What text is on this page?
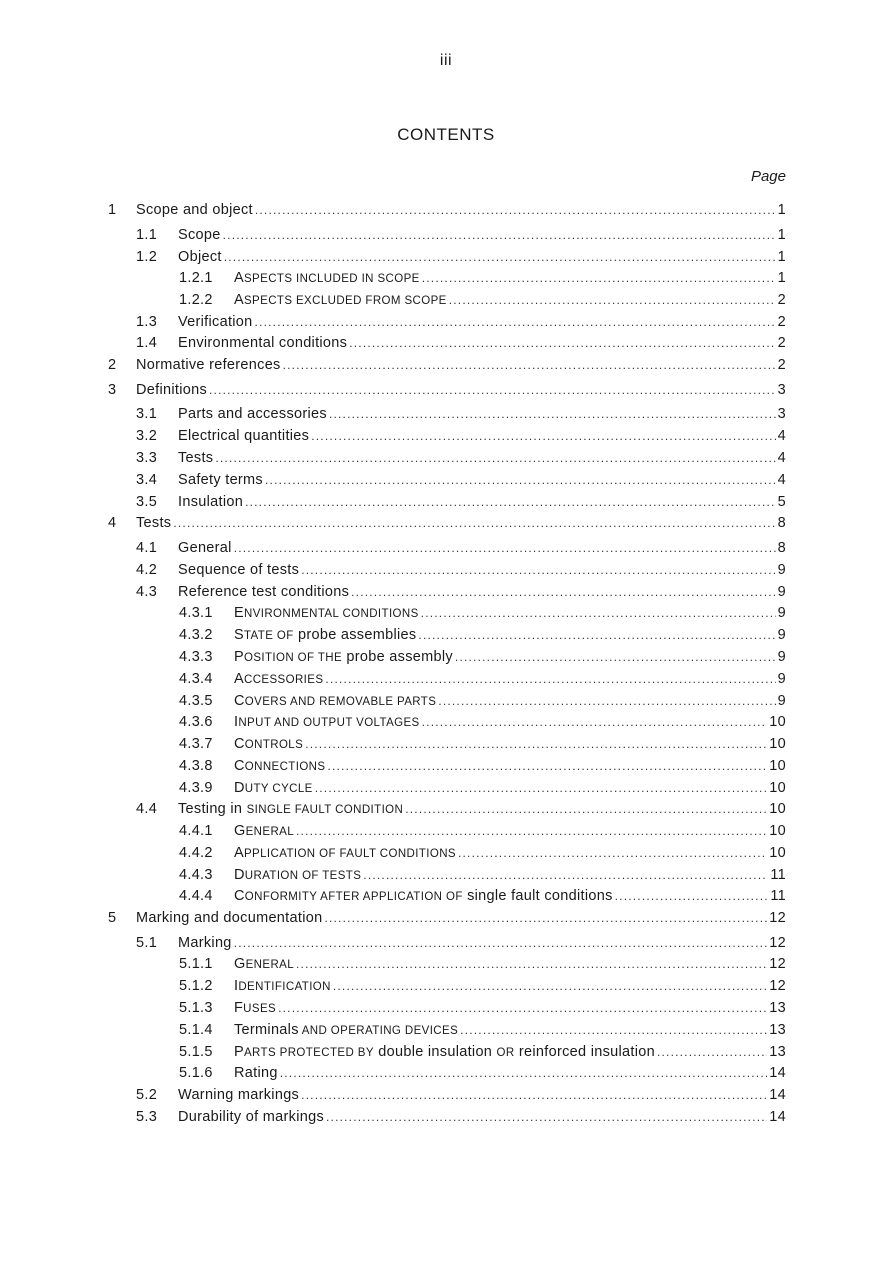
iii
CONTENTS
Page
1	Scope and object .....	1
1.1	Scope .....	1
1.2	Object .....	1
1.2.1	ASPECTS INCLUDED IN SCOPE .....	1
1.2.2	ASPECTS EXCLUDED FROM SCOPE .....	2
1.3	Verification .....	2
1.4	Environmental conditions .....	2
2	Normative references .....	2
3	Definitions .....	3
3.1	Parts and accessories .....	3
3.2	Electrical quantities .....	4
3.3	Tests .....	4
3.4	Safety terms .....	4
3.5	Insulation .....	5
4	Tests .....	8
4.1	General .....	8
4.2	Sequence of tests .....	9
4.3	Reference test conditions .....	9
4.3.1	ENVIRONMENTAL CONDITIONS .....	9
4.3.2	STATE OF probe assemblies .....	9
4.3.3	POSITION OF THE probe assembly .....	9
4.3.4	ACCESSORIES .....	9
4.3.5	COVERS AND REMOVABLE PARTS .....	9
4.3.6	INPUT AND OUTPUT VOLTAGES .....	10
4.3.7	CONTROLS .....	10
4.3.8	CONNECTIONS .....	10
4.3.9	DUTY CYCLE .....	10
4.4	Testing in SINGLE FAULT CONDITION .....	10
4.4.1	GENERAL .....	10
4.4.2	APPLICATION OF FAULT CONDITIONS .....	10
4.4.3	DURATION OF TESTS .....	11
4.4.4	CONFORMITY AFTER APPLICATION OF single fault conditions .....	11
5	Marking and documentation .....	12
5.1	Marking .....	12
5.1.1	GENERAL .....	12
5.1.2	IDENTIFICATION .....	12
5.1.3	FUSES .....	13
5.1.4	Terminals AND OPERATING DEVICES .....	13
5.1.5	PARTS PROTECTED BY double insulation OR reinforced insulation .....	13
5.1.6	Rating .....	14
5.2	Warning markings .....	14
5.3	Durability of markings .....	14
